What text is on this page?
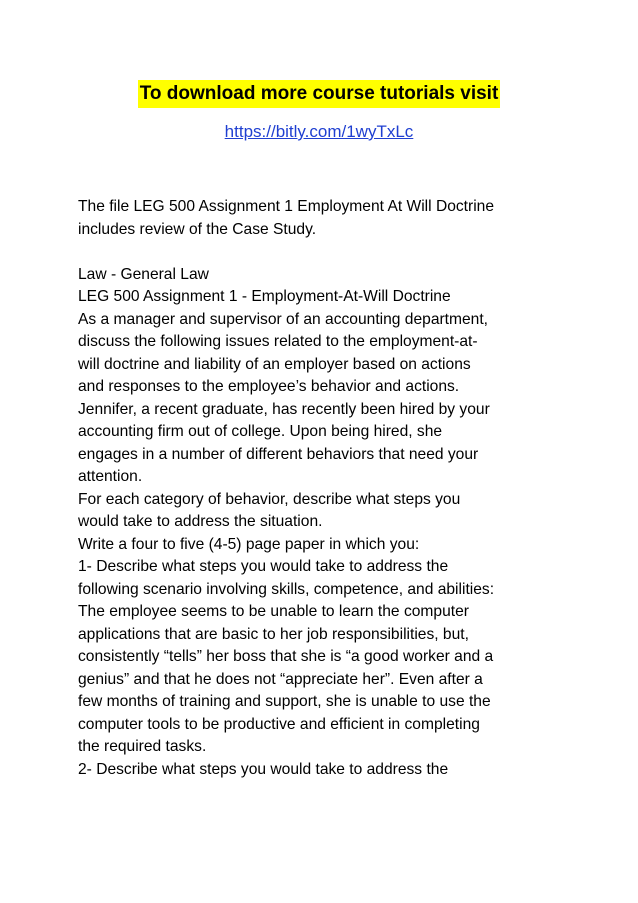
To download more course tutorials visit
https://bitly.com/1wyTxLc
The file LEG 500 Assignment 1 Employment At Will Doctrine
includes review of the Case Study.
Law - General Law
LEG 500 Assignment 1 - Employment-At-Will Doctrine
As a manager and supervisor of an accounting department,
discuss the following issues related to the employment-at-
will doctrine and liability of an employer based on actions
and responses to the employee’s behavior and actions.
Jennifer, a recent graduate, has recently been hired by your
accounting firm out of college. Upon being hired, she
engages in a number of different behaviors that need your
attention.
For each category of behavior, describe what steps you
would take to address the situation.
Write a four to five (4-5) page paper in which you:
1- Describe what steps you would take to address the
following scenario involving skills, competence, and abilities:
The employee seems to be unable to learn the computer
applications that are basic to her job responsibilities, but,
consistently “tells” her boss that she is “a good worker and a
genius” and that he does not “appreciate her”. Even after a
few months of training and support, she is unable to use the
computer tools to be productive and efficient in completing
the required tasks.
2- Describe what steps you would take to address the
